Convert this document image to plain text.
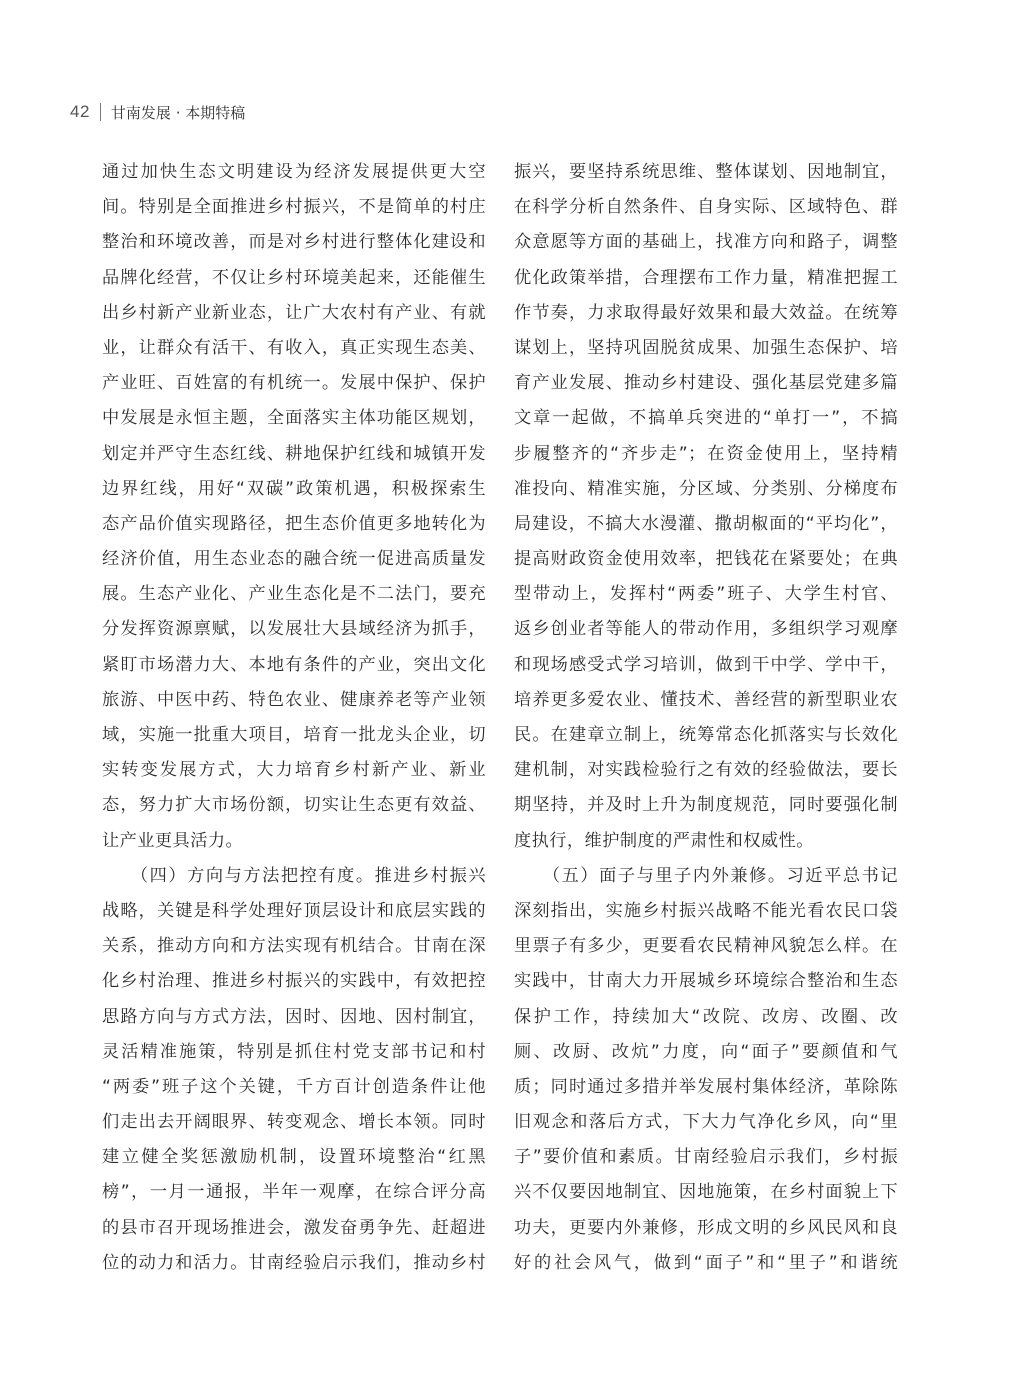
42 甘南发展 · 本期特稿
通过加快生态文明建设为经济发展提供更大空
间。特别是全面推进乡村振兴，不是简单的村庄
整治和环境改善，而是对乡村进行整体化建设和
品牌化经营，不仅让乡村环境美起来，还能催生
出乡村新产业新业态，让广大农村有产业、有就
业，让群众有活干、有收入，真正实现生态美、
产业旺、百姓富的有机统一。发展中保护、保护
中发展是永恒主题，全面落实主体功能区规划，
划定并严守生态红线、耕地保护红线和城镇开发
边界红线，用好“双碳”政策机遇，积极探索生
态产品价值实现路径，把生态价值更多地转化为
经济价值，用生态业态的融合统一促进高质量发
展。生态产业化、产业生态化是不二法门，要充
分发挥资源禀赋，以发展壮大县域经济为抓手，
紧盯市场潜力大、本地有条件的产业，突出文化
旅游、中医中药、特色农业、健康养老等产业领
域，实施一批重大项目，培育一批龙头企业，切
实转变发展方式，大力培育乡村新产业、新业
态，努力扩大市场份额，切实让生态更有效益、
让产业更具活力。
　　（四）方向与方法把控有度。推进乡村振兴
战略，关键是科学处理好顶层设计和底层实践的
关系，推动方向和方法实现有机结合。甘南在深
化乡村治理、推进乡村振兴的实践中，有效把控
思路方向与方式方法，因时、因地、因村制宜，
灵活精准施策，特别是抓住村党支部书记和村
“两委”班子这个关键，千方百计创造条件让他
们走出去开阔眼界、转变观念、增长本领。同时
建立健全奖惩激励机制，设置环境整治“红黑
榜”，一月一通报，半年一观摩，在综合评分高
的县市召开现场推进会，激发奋勇争先、赶超进
位的动力和活力。甘南经验启示我们，推动乡村
振兴，要坚持系统思维、整体谋划、因地制宜，
在科学分析自然条件、自身实际、区域特色、群
众意愿等方面的基础上，找准方向和路子，调整
优化政策举措，合理摆布工作力量，精准把握工
作节奏，力求取得最好效果和最大效益。在统筹
谋划上，坚持巩固脱贫成果、加强生态保护、培
育产业发展、推动乡村建设、强化基层党建多篇
文章一起做，不搞单兵突进的“单打一”，不搞
步履整齐的“齐步走”；在资金使用上，坚持精
准投向、精准实施，分区域、分类别、分梯度布
局建设，不搞大水漫灌、撒胡椒面的“平均化”，
提高财政资金使用效率，把钱花在紧要处；在典
型带动上，发挥村“两委”班子、大学生村官、
返乡创业者等能人的带动作用，多组织学习观摩
和现场感受式学习培训，做到干中学、学中干，
培养更多爱农业、懂技术、善经营的新型职业农
民。在建章立制上，统筹常态化抓落实与长效化
建机制，对实践检验行之有效的经验做法，要长
期坚持，并及时上升为制度规范，同时要强化制
度执行，维护制度的严肃性和权威性。
　　（五）面子与里子内外兼修。习近平总书记
深刻指出，实施乡村振兴战略不能光看农民口袋
里票子有多少，更要看农民精神风貌怎么样。在
实践中，甘南大力开展城乡环境综合整治和生态
保护工作，持续加大“改院、改房、改圈、改
厕、改厨、改炕”力度，向“面子”要颜值和气
质；同时通过多措并举发展村集体经济，革除陈
旧观念和落后方式，下大力气净化乡风，向“里
子”要价值和素质。甘南经验启示我们，乡村振
兴不仅要因地制宜、因地施策，在乡村面貌上下
功夫，更要内外兼修，形成文明的乡风民风和良
好的社会风气，做到“面子”和“里子”和谐统
